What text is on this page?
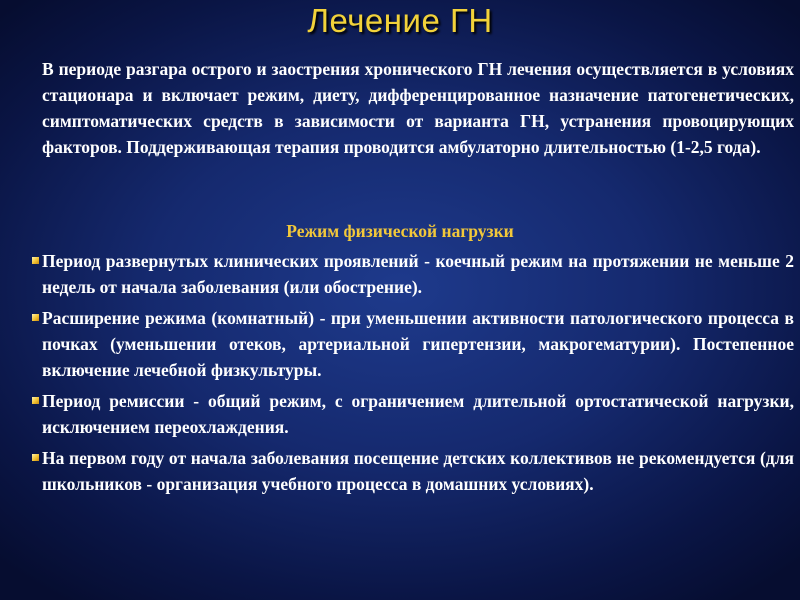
Лечение ГН

В периоде разгара острого и заострения хронического ГН лечения осуществляется в условиях стационара и включает режим, диету, дифференцированное назначение патогенетических, симптоматических средств в зависимости от варианта ГН, устранения провоцирующих факторов. Поддерживающая терапия проводится амбулаторно длительностью (1-2,5 года).

Режим физической нагрузки

Период развернутых клинических проявлений - коечный режим на протяжении не меньше 2 недель от начала заболевания (или обострение).
Расширение режима (комнатный) - при уменьшении активности патологического процесса в почках (уменьшении отеков, артериальной гипертензии, макрогематурии). Постепенное включение лечебной физкультуры.
Период ремиссии - общий режим, с ограничением длительной ортостатической нагрузки, исключением переохлаждения.
На первом году от начала заболевания посещение детских коллективов не рекомендуется (для школьников - организация учебного процесса в домашних условиях).
